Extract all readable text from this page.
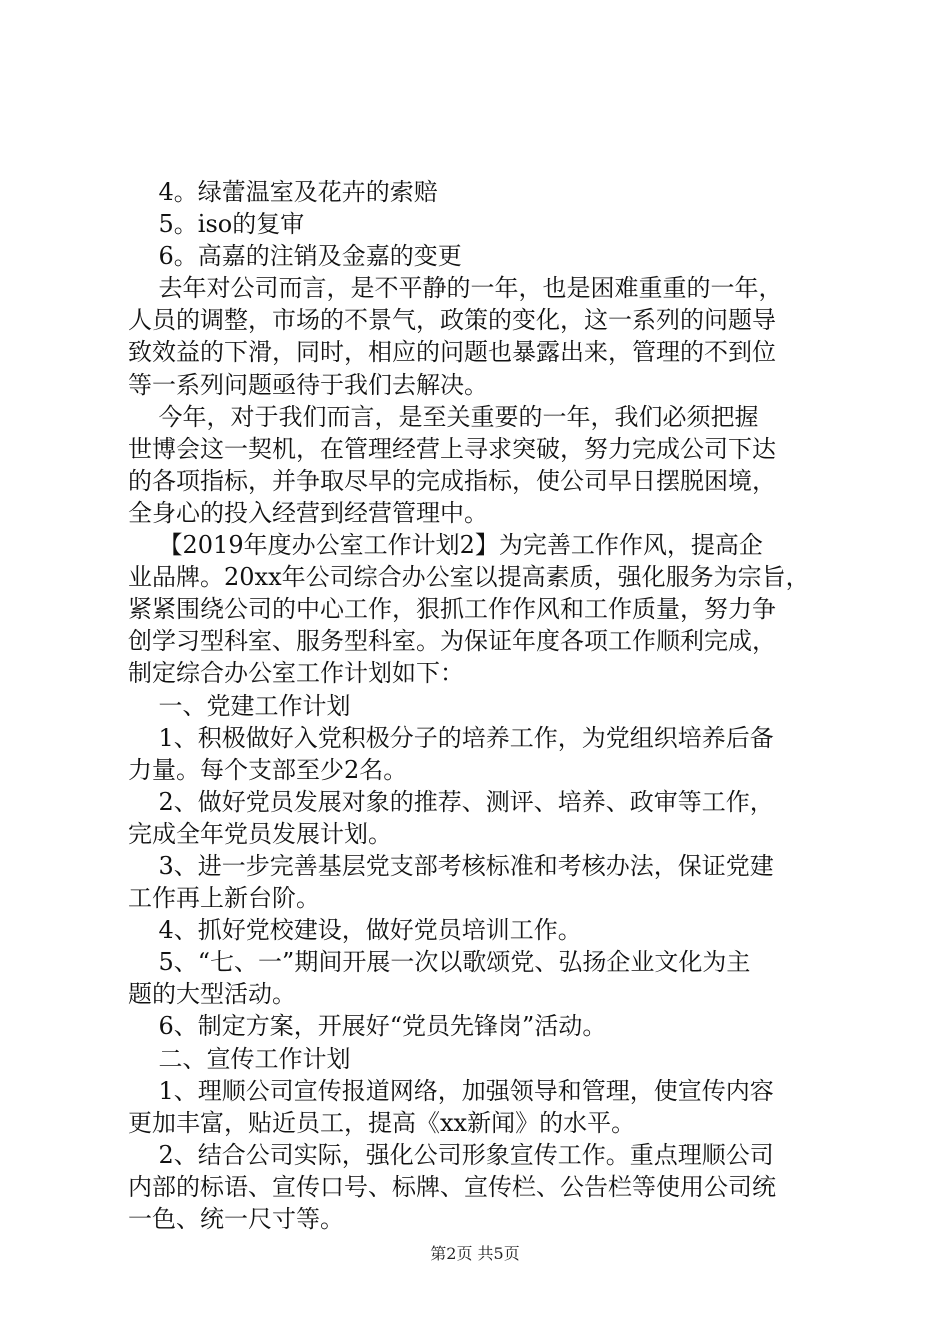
4。绿蕾温室及花卉的索赔
5。iso的复审
6。高嘉的注销及金嘉的变更
去年对公司而言，是不平静的一年，也是困难重重的一年，
人员的调整，市场的不景气，政策的变化，这一系列的问题导
致效益的下滑，同时，相应的问题也暴露出来，管理的不到位
等一系列问题亟待于我们去解决。
今年，对于我们而言，是至关重要的一年，我们必须把握
世博会这一契机，在管理经营上寻求突破，努力完成公司下达
的各项指标，并争取尽早的完成指标，使公司早日摆脱困境，
全身心的投入经营到经营管理中。
【2019年度办公室工作计划2】为完善工作作风，提高企
业品牌。20xx年公司综合办公室以提高素质，强化服务为宗旨，
紧紧围绕公司的中心工作，狠抓工作作风和工作质量，努力争
创学习型科室、服务型科室。为保证年度各项工作顺利完成，
制定综合办公室工作计划如下：
一、党建工作计划
1、积极做好入党积极分子的培养工作，为党组织培养后备
力量。每个支部至少2名。
2、做好党员发展对象的推荐、测评、培养、政审等工作，
完成全年党员发展计划。
3、进一步完善基层党支部考核标准和考核办法，保证党建
工作再上新台阶。
4、抓好党校建设，做好党员培训工作。
5、“七、一”期间开展一次以歌颂党、弘扬企业文化为主
题的大型活动。
6、制定方案，开展好“党员先锋岗”活动。
二、宣传工作计划
1、理顺公司宣传报道网络，加强领导和管理，使宣传内容
更加丰富，贴近员工，提高《xx新闻》的水平。
2、结合公司实际，强化公司形象宣传工作。重点理顺公司
内部的标语、宣传口号、标牌、宣传栏、公告栏等使用公司统
一色、统一尺寸等。
第2页 共5页
